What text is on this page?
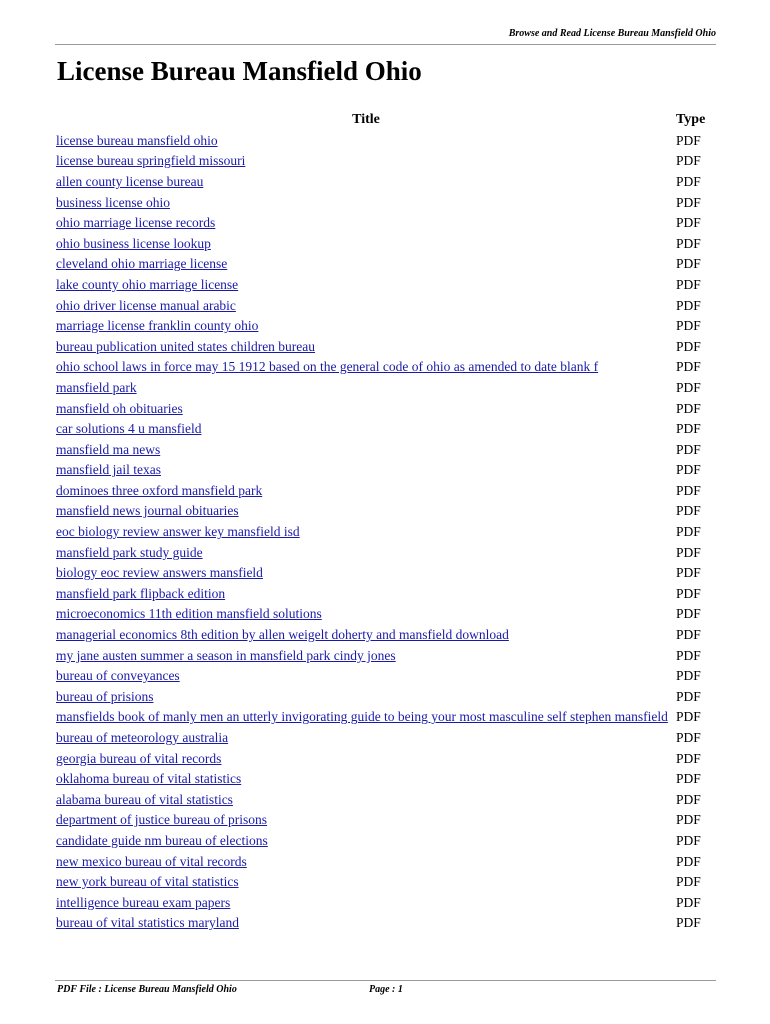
Browse and Read License Bureau Mansfield Ohio
License Bureau Mansfield Ohio
Title	Type
license bureau mansfield ohio	PDF
license bureau springfield missouri	PDF
allen county license bureau	PDF
business license ohio	PDF
ohio marriage license records	PDF
ohio business license lookup	PDF
cleveland ohio marriage license	PDF
lake county ohio marriage license	PDF
ohio driver license manual arabic	PDF
marriage license franklin county ohio	PDF
bureau publication united states children bureau	PDF
ohio school laws in force may 15 1912 based on the general code of ohio as amended to date blank f	PDF
mansfield park	PDF
mansfield oh obituaries	PDF
car solutions 4 u mansfield	PDF
mansfield ma news	PDF
mansfield jail texas	PDF
dominoes three oxford mansfield park	PDF
mansfield news journal obituaries	PDF
eoc biology review answer key mansfield isd	PDF
mansfield park study guide	PDF
biology eoc review answers mansfield	PDF
mansfield park flipback edition	PDF
microeconomics 11th edition mansfield solutions	PDF
managerial economics 8th edition by allen weigelt doherty and mansfield download	PDF
my jane austen summer a season in mansfield park cindy jones	PDF
bureau of conveyances	PDF
bureau of prisions	PDF
mansfields book of manly men an utterly invigorating guide to being your most masculine self stephen mansfield	PDF
bureau of meteorology australia	PDF
georgia bureau of vital records	PDF
oklahoma bureau of vital statistics	PDF
alabama bureau of vital statistics	PDF
department of justice bureau of prisons	PDF
candidate guide nm bureau of elections	PDF
new mexico bureau of vital records	PDF
new york bureau of vital statistics	PDF
intelligence bureau exam papers	PDF
bureau of vital statistics maryland	PDF
PDF File : License Bureau Mansfield Ohio	Page : 1
